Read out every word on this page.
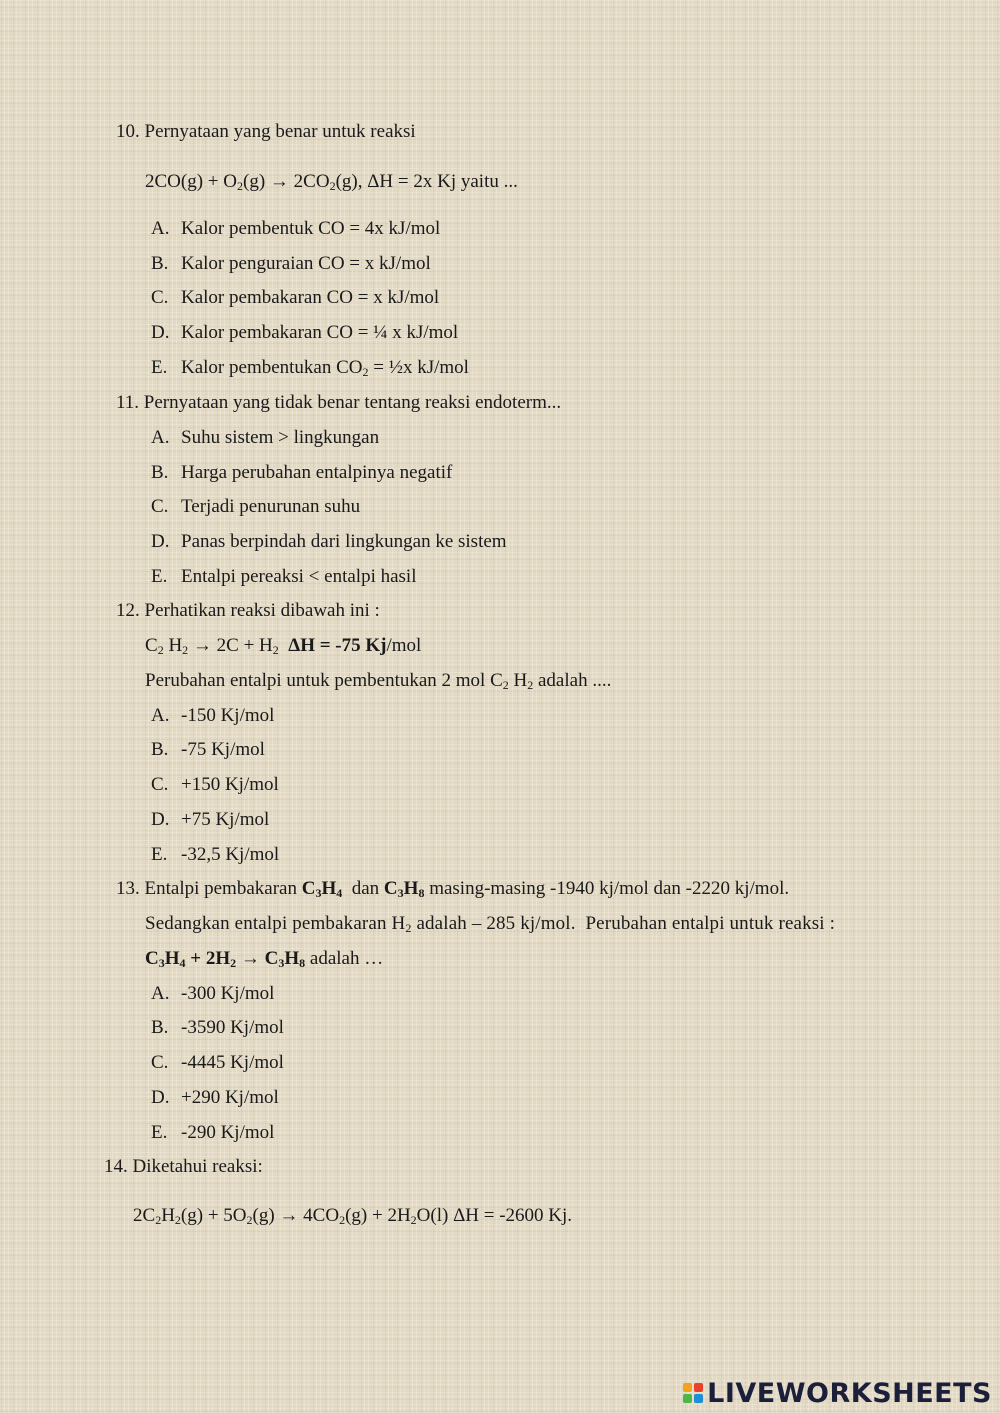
10. Pernyataan yang benar untuk reaksi
$2CO(g) + O_2(g) \to 2CO_2(g)$, ΔH = 2x Kj yaitu ...
A. Kalor pembentuk CO = 4x kJ/mol
B. Kalor penguraian CO = x kJ/mol
C. Kalor pembakaran CO = x kJ/mol
D. Kalor pembakaran CO = ¼ x kJ/mol
E. Kalor pembentukan $CO_2$ = ½x kJ/mol
11. Pernyataan yang tidak benar tentang reaksi endoterm...
A. Suhu sistem > lingkungan
B. Harga perubahan entalpinya negatif
C. Terjadi penurunan suhu
D. Panas berpindah dari lingkungan ke sistem
E. Entalpi pereaksi < entalpi hasil
12. Perhatikan reaksi dibawah ini :
$C_2$ $H_2 \to 2C + H_2$ ΔH = -75 Kj/mol
Perubahan entalpi untuk pembentukan 2 mol $C_2$ $H_2$ adalah ....
A. -150 Kj/mol
B. -75 Kj/mol
C. +150 Kj/mol
D. +75 Kj/mol
E. -32,5 Kj/mol
13. Entalpi pembakaran $C_3H_4$  dan $C_3H_8$ masing-masing -1940 kj/mol dan -2220 kj/mol.
Sedangkan entalpi pembakaran $H_2$ adalah – 285 kj/mol.  Perubahan entalpi untuk reaksi :
$C_3H_4 + 2H_2 \to C_3H_8$ adalah …
A. -300 Kj/mol
B. -3590 Kj/mol
C. -4445 Kj/mol
D. +290 Kj/mol
E. -290 Kj/mol
14. Diketahui reaksi:
$2C_2H_2(g) + 5O_2(g) \to 4CO_2(g) + 2H_2O(l) \Delta H = -2600$ Kj.
LIVEWORKSHEETS
